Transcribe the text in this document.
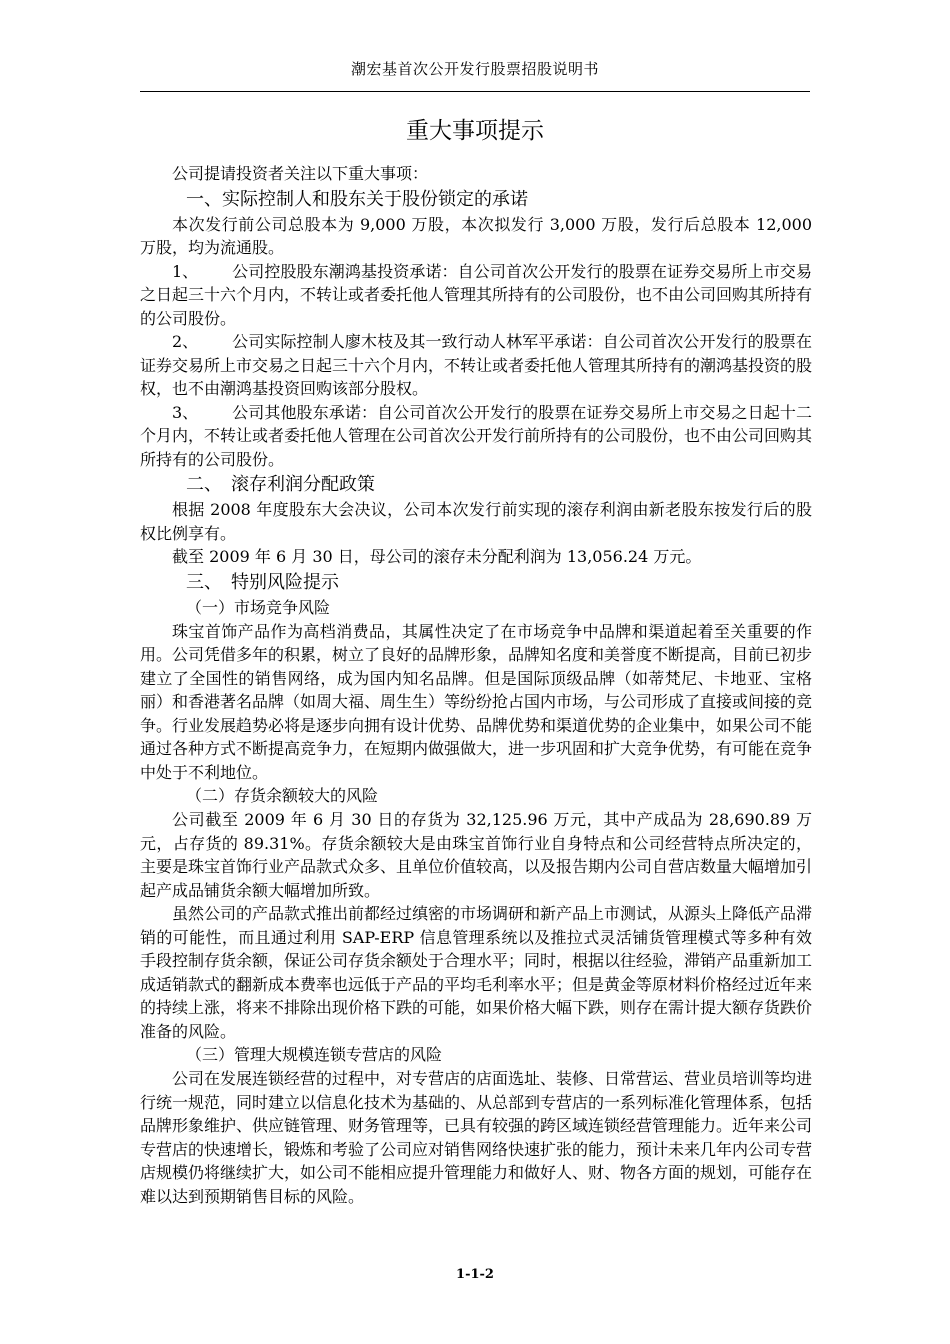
潮宏基首次公开发行股票招股说明书
重大事项提示

公司提请投资者关注以下重大事项：

一、实际控制人和股东关于股份锁定的承诺

本次发行前公司总股本为 9,000 万股，本次拟发行 3,000 万股，发行后总股本 12,000 万股，均为流通股。

1、 公司控股股东潮鸿基投资承诺：自公司首次公开发行的股票在证券交易所上市交易之日起三十六个月内，不转让或者委托他人管理其所持有的公司股份，也不由公司回购其所持有的公司股份。

2、 公司实际控制人廖木枝及其一致行动人林军平承诺：自公司首次公开发行的股票在证券交易所上市交易之日起三十六个月内，不转让或者委托他人管理其所持有的潮鸿基投资的股权，也不由潮鸿基投资回购该部分股权。

3、 公司其他股东承诺：自公司首次公开发行的股票在证券交易所上市交易之日起十二个月内，不转让或者委托他人管理在公司首次公开发行前所持有的公司股份，也不由公司回购其所持有的公司股份。

二、　滚存利润分配政策

根据 2008 年度股东大会决议，公司本次发行前实现的滚存利润由新老股东按发行后的股权比例享有。

截至 2009 年 6 月 30 日，母公司的滚存未分配利润为 13,056.24 万元。

三、　特别风险提示
（一）市场竞争风险

珠宝首饰产品作为高档消费品，其属性决定了在市场竞争中品牌和渠道起着至关重要的作用。公司凭借多年的积累，树立了良好的品牌形象，品牌知名度和美誉度不断提高，目前已初步建立了全国性的销售网络，成为国内知名品牌。但是国际顶级品牌（如蒂梵尼、卡地亚、宝格丽）和香港著名品牌（如周大福、周生生）等纷纷抢占国内市场，与公司形成了直接或间接的竞争。行业发展趋势必将是逐步向拥有设计优势、品牌优势和渠道优势的企业集中，如果公司不能通过各种方式不断提高竞争力，在短期内做强做大，进一步巩固和扩大竞争优势，有可能在竞争中处于不利地位。

（二）存货余额较大的风险

公司截至 2009 年 6 月 30 日的存货为 32,125.96 万元，其中产成品为 28,690.89 万元，占存货的 89.31%。存货余额较大是由珠宝首饰行业自身特点和公司经营特点所决定的，主要是珠宝首饰行业产品款式众多、且单位价值较高，以及报告期内公司自营店数量大幅增加引起产成品铺货余额大幅增加所致。

虽然公司的产品款式推出前都经过缜密的市场调研和新产品上市测试，从源头上降低产品滞销的可能性，而且通过利用 SAP-ERP 信息管理系统以及推拉式灵活铺货管理模式等多种有效手段控制存货余额，保证公司存货余额处于合理水平；同时，根据以往经验，滞销产品重新加工成适销款式的翻新成本费率也远低于产品的平均毛利率水平；但是黄金等原材料价格经过近年来的持续上涨，将来不排除出现价格下跌的可能，如果价格大幅下跌，则存在需计提大额存货跌价准备的风险。

（三）管理大规模连锁专营店的风险

公司在发展连锁经营的过程中，对专营店的店面选址、装修、日常营运、营业员培训等均进行统一规范，同时建立以信息化技术为基础的、从总部到专营店的一系列标准化管理体系，包括品牌形象维护、供应链管理、财务管理等，已具有较强的跨区域连锁经营管理能力。近年来公司专营店的快速增长，锻炼和考验了公司应对销售网络快速扩张的能力，预计未来几年内公司专营店规模仍将继续扩大，如公司不能相应提升管理能力和做好人、财、物各方面的规划，可能存在难以达到预期销售目标的风险。

1-1-2
